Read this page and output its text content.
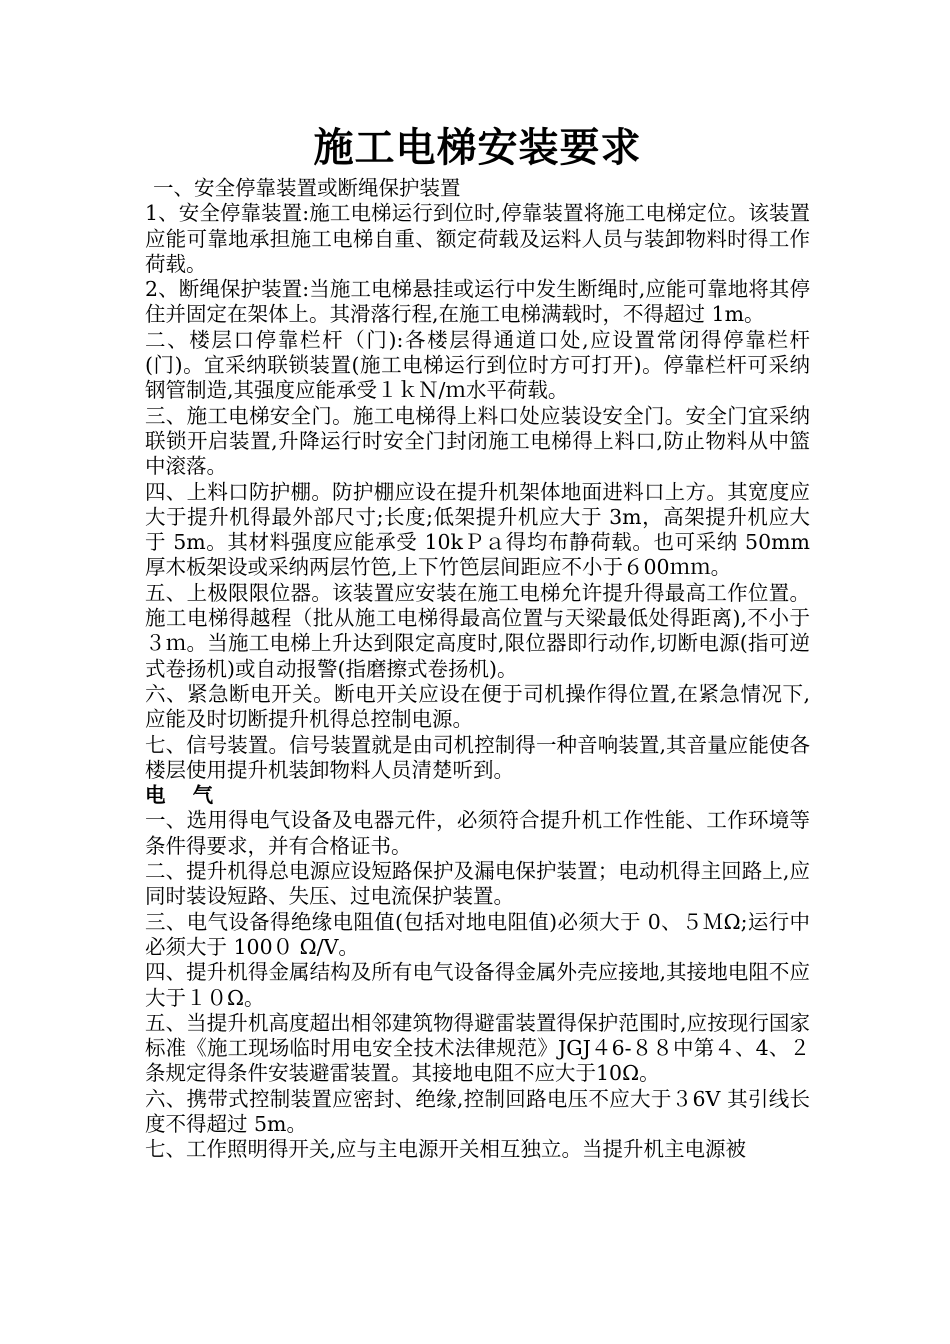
施工电梯安装要求

一、安全停靠装置或断绳保护装置

1、安全停靠装置:施工电梯运行到位时,停靠装置将施工电梯定位。该装置应能可靠地承担施工电梯自重、额定荷载及运料人员与装卸物料时得工作荷载。

2、断绳保护装置:当施工电梯悬挂或运行中发生断绳时,应能可靠地将其停住并固定在架体上。其滑落行程,在施工电梯满载时，不得超过 1m。

二、楼层口停靠栏杆（门):各楼层得通道口处,应设置常闭得停靠栏杆(门)。宜采纳联锁装置(施工电梯运行到位时方可打开)。停靠栏杆可采纳钢管制造,其强度应能承受１ｋＮ/ｍ水平荷载。

三、施工电梯安全门。施工电梯得上料口处应装设安全门。安全门宜采纳联锁开启装置,升降运行时安全门封闭施工电梯得上料口,防止物料从中篮中滚落。

四、上料口防护棚。防护棚应设在提升机架体地面进料口上方。其宽度应大于提升机得最外部尺寸;长度;低架提升机应大于 3m，高架提升机应大于 5m。其材料强度应能承受 10kＰａ得均布静荷载。也可采纳 50mm 厚木板架设或采纳两层竹笆,上下竹笆层间距应不小于６00ｍｍ。

五、上极限限位器。该装置应安装在施工电梯允许提升得最高工作位置。施工电梯得越程（批从施工电梯得最高位置与天梁最低处得距离),不小于３ｍ。当施工电梯上升达到限定高度时,限位器即行动作,切断电源(指可逆式卷扬机)或自动报警(指磨擦式卷扬机)。

六、紧急断电开关。断电开关应设在便于司机操作得位置,在紧急情况下,应能及时切断提升机得总控制电源。

七、信号装置。信号装置就是由司机控制得一种音响装置,其音量应能使各楼层使用提升机装卸物料人员清楚听到。

电 气

一、选用得电气设备及电器元件，必须符合提升机工作性能、工作环境等条件得要求，并有合格证书。

二、提升机得总电源应设短路保护及漏电保护装置；电动机得主回路上,应同时装设短路、失压、过电流保护装置。

三、电气设备得绝缘电阻值(包括对地电阻值)必须大于 0、５ＭΩ;运行中必须大于 100０ Ω/V。

四、提升机得金属结构及所有电气设备得金属外壳应接地,其接地电阻不应大于１０Ω。

五、当提升机高度超出相邻建筑物得避雷装置得保护范围时,应按现行国家标准《施工现场临时用电安全技术法律规范》JGJ４6-８８中第４、4、２条规定得条件安装避雷装置。其接地电阻不应大于10Ω。

六、携带式控制装置应密封、绝缘,控制回路电压不应大于３6V 其引线长度不得超过 5m。

七、工作照明得开关,应与主电源开关相互独立。当提升机主电源被
